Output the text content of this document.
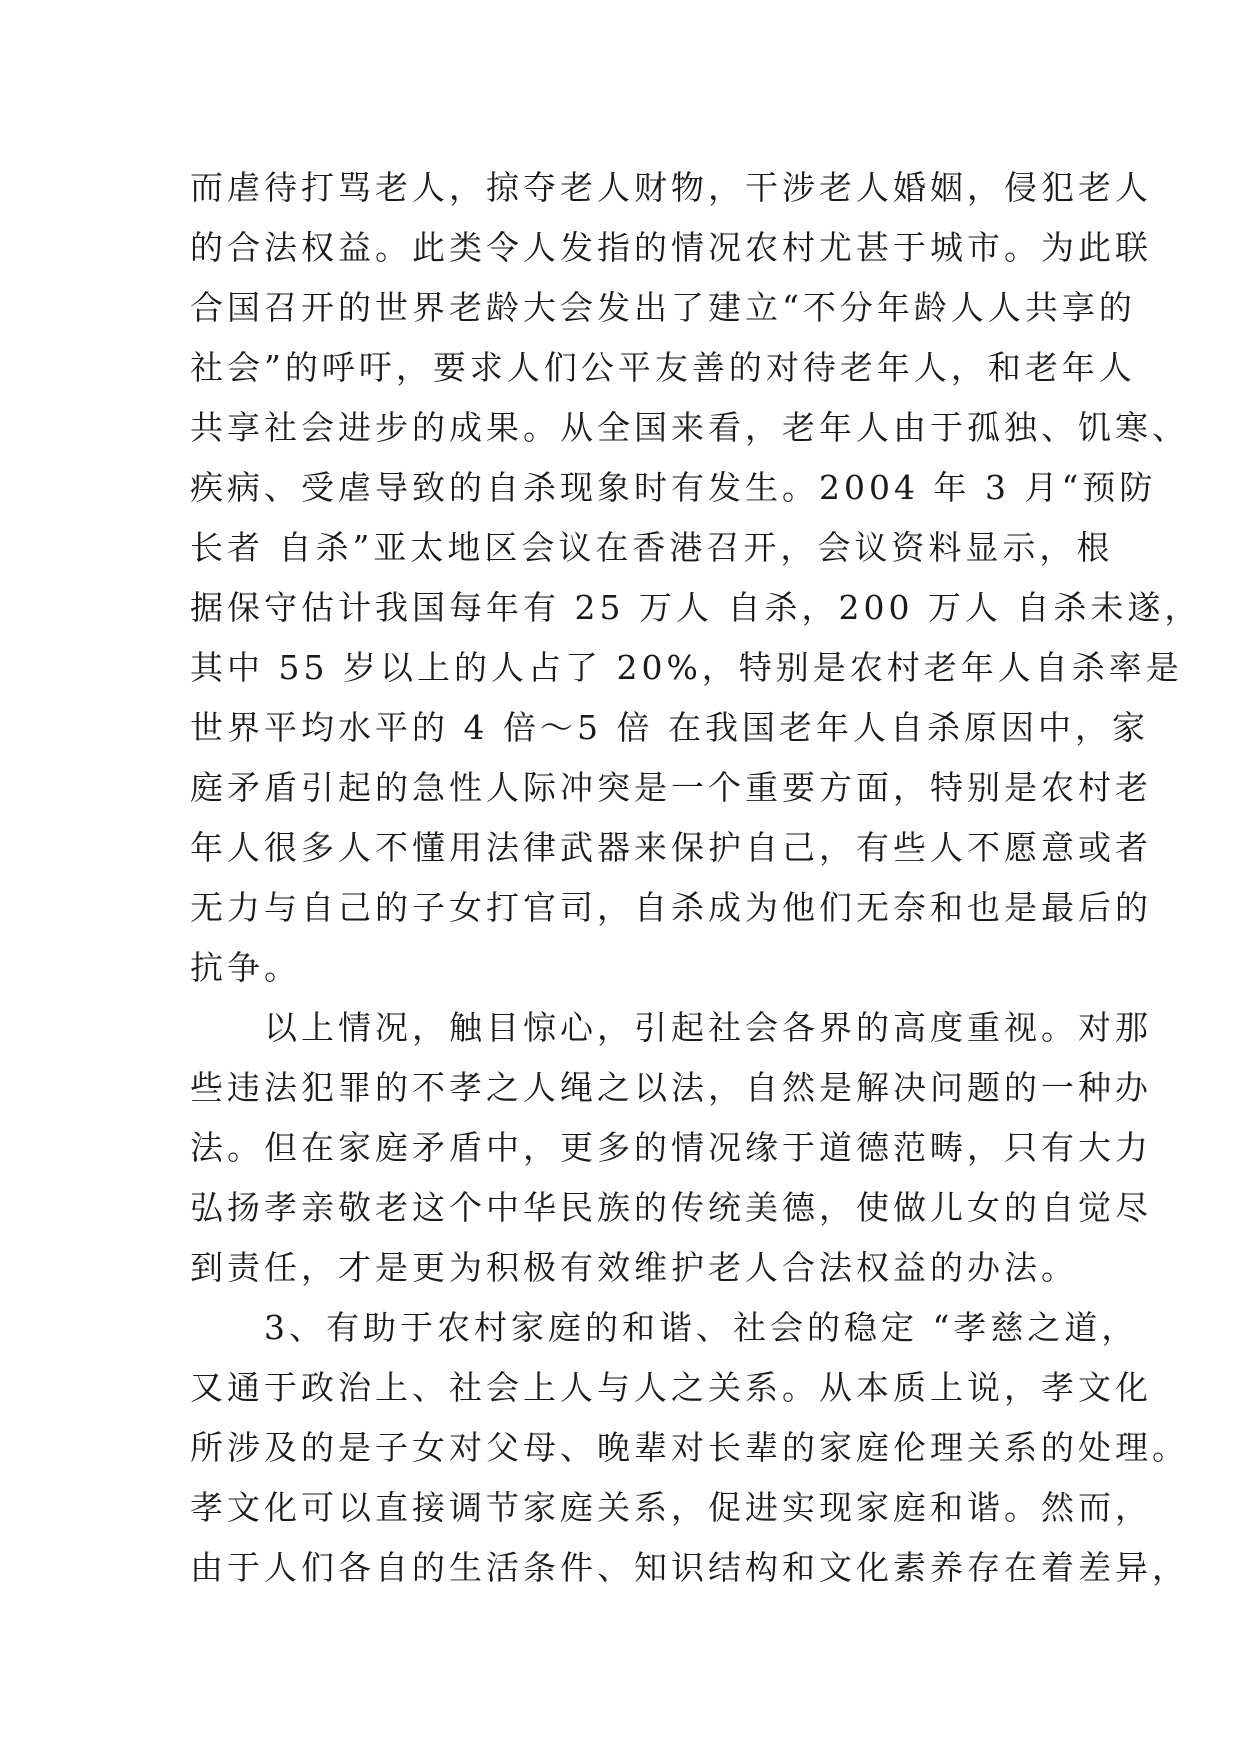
而虐待打骂老人，掠夺老人财物，干涉老人婚姻，侵犯老人
的合法权益。此类令人发指的情况农村尤甚于城市。为此联
合国召开的世界老龄大会发出了建立“不分年龄人人共享的
社会”的呼吁，要求人们公平友善的对待老年人，和老年人
共享社会进步的成果。从全国来看，老年人由于孤独、饥寒、
疾病、受虐导致的自杀现象时有发生。2004 年 3 月“预防
长者 自杀”亚太地区会议在香港召开，会议资料显示，根
据保守估计我国每年有 25 万人 自杀，200 万人 自杀未遂，
其中 55 岁以上的人占了 20%，特别是农村老年人自杀率是
世界平均水平的 4 倍～5 倍 在我国老年人自杀原因中，家
庭矛盾引起的急性人际冲突是一个重要方面，特别是农村老
年人很多人不懂用法律武器来保护自己，有些人不愿意或者
无力与自己的子女打官司，自杀成为他们无奈和也是最后的
抗争。
以上情况，触目惊心，引起社会各界的高度重视。对那
些违法犯罪的不孝之人绳之以法，自然是解决问题的一种办
法。但在家庭矛盾中，更多的情况缘于道德范畴，只有大力
弘扬孝亲敬老这个中华民族的传统美德，使做儿女的自觉尽
到责任，才是更为积极有效维护老人合法权益的办法。
3、有助于农村家庭的和谐、社会的稳定 “孝慈之道，
又通于政治上、社会上人与人之关系。从本质上说，孝文化
所涉及的是子女对父母、晚辈对长辈的家庭伦理关系的处理。
孝文化可以直接调节家庭关系，促进实现家庭和谐。然而，
由于人们各自的生活条件、知识结构和文化素养存在着差异，
